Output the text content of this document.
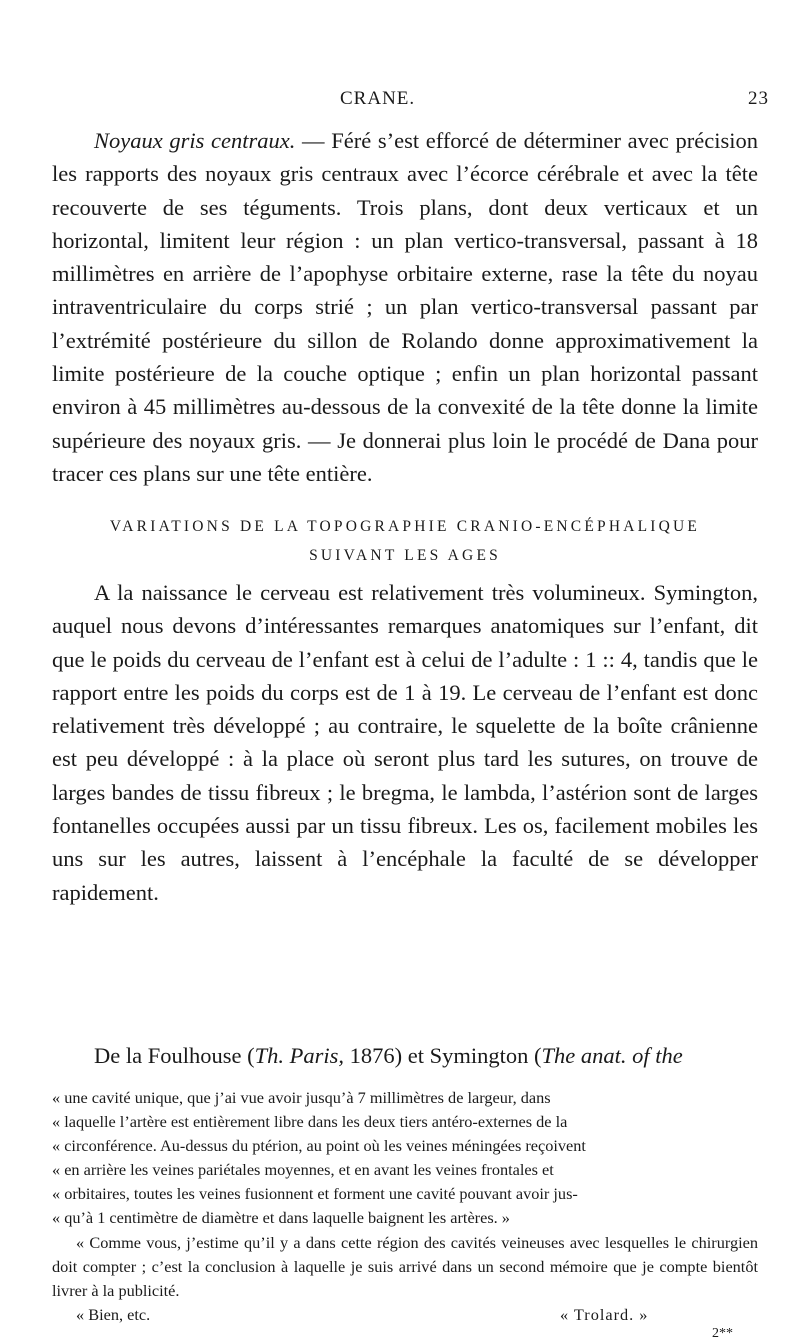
CRANE.	23
Noyaux gris centraux. — Féré s’est efforcé de déterminer avec précision les rapports des noyaux gris centraux avec l’écorce cérébrale et avec la tête recouverte de ses téguments. Trois plans, dont deux verticaux et un horizontal, limitent leur région : un plan vertico-transversal, passant à 18 millimètres en arrière de l’apophyse orbitaire externe, rase la tête du noyau intraventriculaire du corps strié ; un plan vertico-transversal passant par l’extrémité postérieure du sillon de Rolando donne approximativement la limite postérieure de la couche optique ; enfin un plan horizontal passant environ à 45 millimètres au-dessous de la convexité de la tête donne la limite supérieure des noyaux gris. — Je donnerai plus loin le procédé de Dana pour tracer ces plans sur une tête entière.
VARIATIONS DE LA TOPOGRAPHIE CRANIO-ENCÉPHALIQUE
SUIVANT LES AGES
A la naissance le cerveau est relativement très volumineux. Symington, auquel nous devons d’intéressantes remarques anatomiques sur l’enfant, dit que le poids du cerveau de l’enfant est à celui de l’adulte : 1 :: 4, tandis que le rapport entre les poids du corps est de 1 à 19. Le cerveau de l’enfant est donc relativement très développé ; au contraire, le squelette de la boîte crânienne est peu développé : à la place où seront plus tard les sutures, on trouve de larges bandes de tissu fibreux ; le bregma, le lambda, l’astérion sont de larges fontanelles occupées aussi par un tissu fibreux. Les os, facilement mobiles les uns sur les autres, laissent à l’encéphale la faculté de se développer rapidement.
De la Foulhouse (Th. Paris, 1876) et Symington (The anat. of the
« une cavité unique, que j’ai vue avoir jusqu’à 7 millimètres de largeur, dans
« laquelle l’artère est entièrement libre dans les deux tiers antéro-externes de la
« circonférence. Au-dessus du ptérion, au point où les veines méningées reçoivent
« en arrière les veines pariétales moyennes, et en avant les veines frontales et
« orbitaires, toutes les veines fusionnent et forment une cavité pouvant avoir jus-
« qu’à 1 centimètre de diamètre et dans laquelle baignent les artères. »
« Comme vous, j’estime qu’il y a dans cette région des cavités veineuses avec lesquelles le chirurgien doit compter ; c’est la conclusion à laquelle je suis arrivé dans un second mémoire que je compte bientôt livrer à la publicité.
« Bien, etc.	« Trolard. »
2**
